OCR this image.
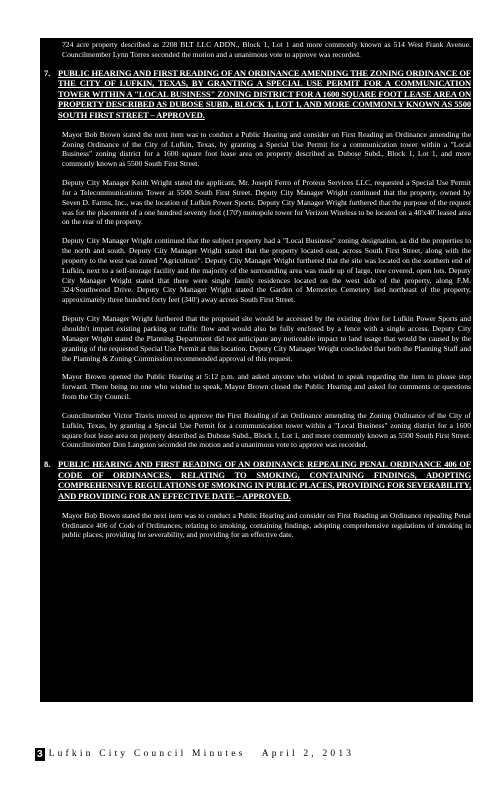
724 acre property described as 2208 BLT LLC ADDN., Block 1, Lot 1 and more commonly known as 514 West Frank Avenue. Councilmember Lynn Torres seconded the motion and a unanimous vote to approve was recorded.

7. PUBLIC HEARING AND FIRST READING OF AN ORDINANCE AMENDING THE ZONING ORDINANCE OF THE CITY OF LUFKIN, TEXAS, BY GRANTING A SPECIAL USE PERMIT FOR A COMMUNICATION TOWER WITHIN A "LOCAL BUSINESS" ZONING DISTRICT FOR A 1600 SQUARE FOOT LEASE AREA ON PROPERTY DESCRIBED AS DUBOSE SUBD., BLOCK 1, LOT 1, AND MORE COMMONLY KNOWN AS 5500 SOUTH FIRST STREET – APPROVED.

Mayor Bob Brown stated the next item was to conduct a Public Hearing and consider on First Reading an Ordinance amending the Zoning Ordinance of the City of Lufkin, Texas, by granting a Special Use Permit for a communication tower within a "Local Business" zoning district for a 1600 square foot lease area on property described as Dubose Subd., Block 1, Lot 1, and more commonly known as 5500 South First Street.

Deputy City Manager Keith Wright stated the applicant, Mr. Joseph Ferro of Proteus Services LLC, requested a Special Use Permit for a Telecommunications Tower at 5500 South First Street. Deputy City Manager Wright continued that the property, owned by Seven D. Farms, Inc., was the location of Lufkin Power Sports. Deputy City Manager Wright furthered that the purpose of the request was for the placement of a one hundred seventy foot (170') monopole tower for Verizon Wireless to be located on a 40'x40' leased area on the rear of the property.

Deputy City Manager Wright continued that the subject property had a "Local Business" zoning designation, as did the properties to the north and south. Deputy City Manager Wright stated that the property located east, across South First Street, along with the property to the west was zoned "Agriculture". Deputy City Manager Wright furthered that the site was located on the southern end of Lufkin, next to a self-storage facility and the majority of the surrounding area was made up of large, tree covered, open lots. Deputy City Manager Wright stated that there were single family residences located on the west side of the property, along F.M. 324/Southwood Drive. Deputy City Manager Wright stated the Garden of Memories Cemetery lied northeast of the property, approximately three hundred forty feet (340') away across South First Street.

Deputy City Manager Wright furthered that the proposed site would be accessed by the existing drive for Lufkin Power Sports and shouldn't impact existing parking or traffic flow and would also be fully enclosed by a fence with a single access. Deputy City Manager Wright stated the Planning Department did not anticipate any noticeable impact to land usage that would be caused by the granting of the requested Special Use Permit at this location. Deputy City Manager Wright concluded that both the Planning Staff and the Planning & Zoning Commission recommended approval of this request.

Mayor Brown opened the Public Hearing at 5:12 p.m. and asked anyone who wished to speak regarding the item to please step forward. There being no one who wished to speak, Mayor Brown closed the Public Hearing and asked for comments or questions from the City Council.

Councilmember Victor Travis moved to approve the First Reading of an Ordinance amending the Zoning Ordinance of the City of Lufkin, Texas, by granting a Special Use Permit for a communication tower within a "Local Business" zoning district for a 1600 square foot lease area on property described as Dubose Subd., Block 1, Lot 1, and more commonly known as 5500 South First Street. Councilmember Don Langston seconded the motion and a unanimous vote to approve was recorded.

8. PUBLIC HEARING AND FIRST READING OF AN ORDINANCE REPEALING PENAL ORDINANCE 406 OF CODE OF ORDINANCES, RELATING TO SMOKING, CONTAINING FINDINGS, ADOPTING COMPREHENSIVE REGULATIONS OF SMOKING IN PUBLIC PLACES, PROVIDING FOR SEVERABILITY, AND PROVIDING FOR AN EFFECTIVE DATE – APPROVED.

Mayor Bob Brown stated the next item was to conduct a Public Hearing and consider on First Reading an Ordinance repealing Penal Ordinance 406 of Code of Ordinances, relating to smoking, containing findings, adopting comprehensive regulations of smoking in public places, providing for severability, and providing for an effective date.

3 Lufkin City Council Minutes   April 2, 2013
